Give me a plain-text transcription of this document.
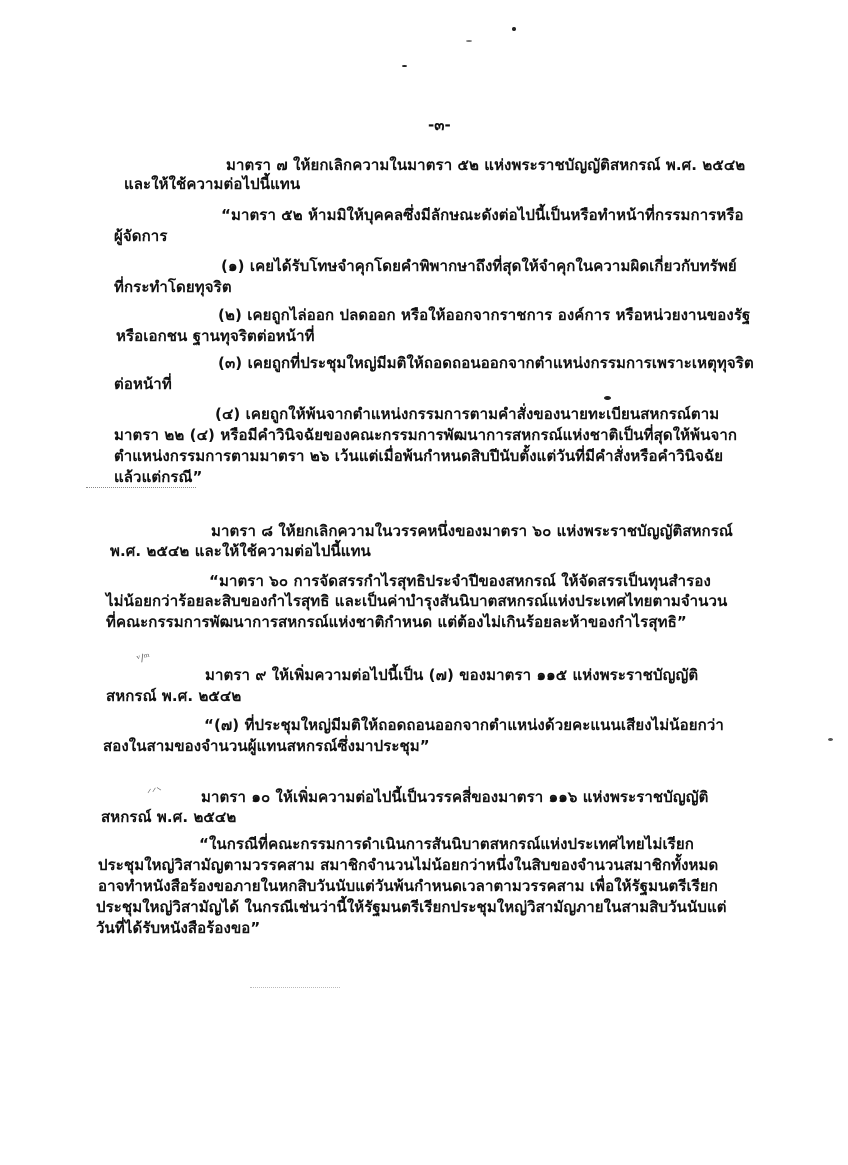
-๓-
มาตรา ๗ ให้ยกเลิกความในมาตรา ๕๒ แห่งพระราชบัญญัติสหกรณ์ พ.ศ. ๒๕๔๒
และให้ใช้ความต่อไปนี้แทน
“มาตรา ๕๒ ห้ามมิให้บุคคลซึ่งมีลักษณะดังต่อไปนี้เป็นหรือทำหน้าที่กรรมการหรือ
ผู้จัดการ
(๑) เคยได้รับโทษจำคุกโดยคำพิพากษาถึงที่สุดให้จำคุกในความผิดเกี่ยวกับทรัพย์
ที่กระทำโดยทุจริต
(๒) เคยถูกไล่ออก ปลดออก หรือให้ออกจากราชการ องค์การ หรือหน่วยงานของรัฐ
หรือเอกชน ฐานทุจริตต่อหน้าที่
(๓) เคยถูกที่ประชุมใหญ่มีมติให้ถอดถอนออกจากตำแหน่งกรรมการเพราะเหตุทุจริต
ต่อหน้าที่
(๔) เคยถูกให้พ้นจากตำแหน่งกรรมการตามคำสั่งของนายทะเบียนสหกรณ์ตาม
มาตรา ๒๒ (๔) หรือมีคำวินิจฉัยของคณะกรรมการพัฒนาการสหกรณ์แห่งชาติเป็นที่สุดให้พ้นจาก
ตำแหน่งกรรมการตามมาตรา ๒๖ เว้นแต่เมื่อพ้นกำหนดสิบปีนับตั้งแต่วันที่มีคำสั่งหรือคำวินิจฉัย
แล้วแต่กรณี”
มาตรา ๘ ให้ยกเลิกความในวรรคหนึ่งของมาตรา ๖๐ แห่งพระราชบัญญัติสหกรณ์
พ.ศ. ๒๕๔๒ และให้ใช้ความต่อไปนี้แทน
“มาตรา ๖๐ การจัดสรรกำไรสุทธิประจำปีของสหกรณ์ ให้จัดสรรเป็นทุนสำรอง
ไม่น้อยกว่าร้อยละสิบของกำไรสุทธิ และเป็นค่าบำรุงสันนิบาตสหกรณ์แห่งประเทศไทยตามจำนวน
ที่คณะกรรมการพัฒนาการสหกรณ์แห่งชาติกำหนด แต่ต้องไม่เกินร้อยละห้าของกำไรสุทธิ”
ᵛ/ᵐ
มาตรา ๙ ให้เพิ่มความต่อไปนี้เป็น (๗) ของมาตรา ๑๑๕ แห่งพระราชบัญญัติ
สหกรณ์ พ.ศ. ๒๕๔๒
“(๗) ที่ประชุมใหญ่มีมติให้ถอดถอนออกจากตำแหน่งด้วยคะแนนเสียงไม่น้อยกว่า
สองในสามของจำนวนผู้แทนสหกรณ์ซึ่งมาประชุม”
⸝⸝⸜	มาตรา ๑๐ ให้เพิ่มความต่อไปนี้เป็นวรรคสี่ของมาตรา ๑๑๖ แห่งพระราชบัญญัติ
สหกรณ์ พ.ศ. ๒๕๔๒
“ในกรณีที่คณะกรรมการดำเนินการสันนิบาตสหกรณ์แห่งประเทศไทยไม่เรียก
ประชุมใหญ่วิสามัญตามวรรคสาม สมาชิกจำนวนไม่น้อยกว่าหนึ่งในสิบของจำนวนสมาชิกทั้งหมด
อาจทำหนังสือร้องขอภายในหกสิบวันนับแต่วันพ้นกำหนดเวลาตามวรรคสาม เพื่อให้รัฐมนตรีเรียก
ประชุมใหญ่วิสามัญได้ ในกรณีเช่นว่านี้ให้รัฐมนตรีเรียกประชุมใหญ่วิสามัญภายในสามสิบวันนับแต่
วันที่ได้รับหนังสือร้องขอ”
